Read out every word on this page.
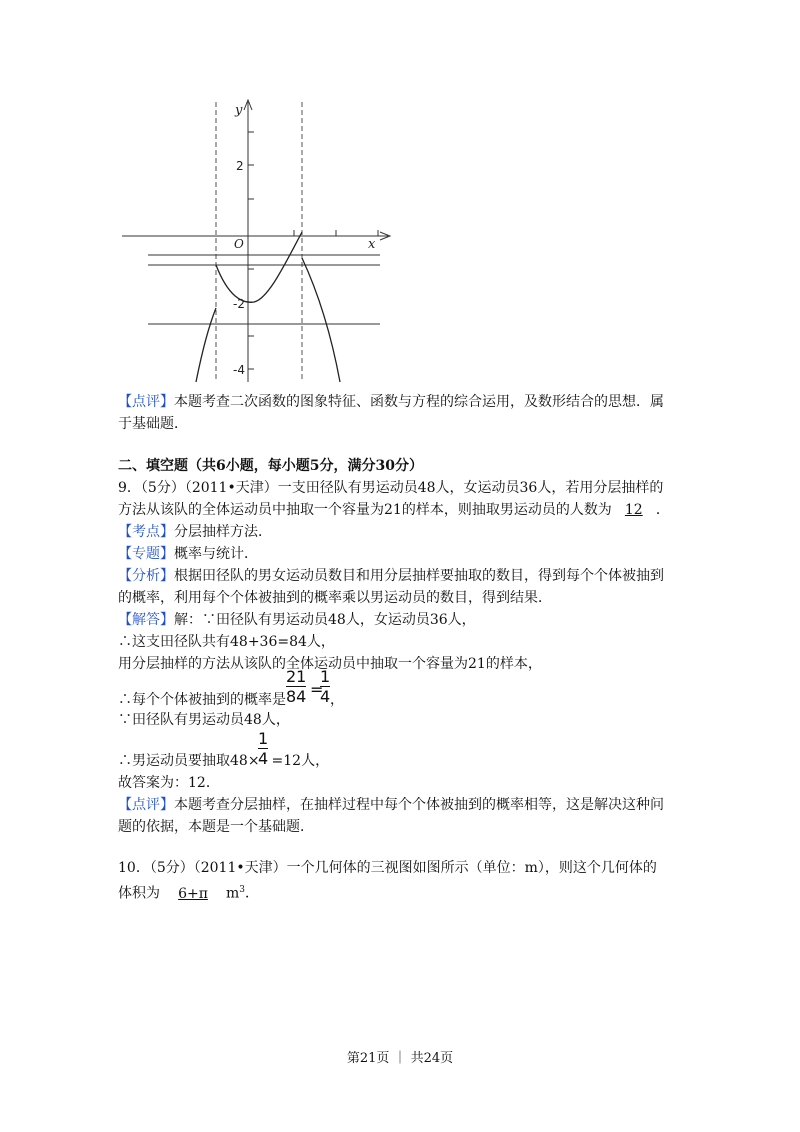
y
x
O
2
-2
-4
【点评】本题考查二次函数的图象特征、函数与方程的综合运用，及数形结合的思想．属
于基础题．
二、填空题（共6小题，每小题5分，满分30分）
9．（5分）（2011•天津）一支田径队有男运动员48人，女运动员36人，若用分层抽样的
方法从该队的全体运动员中抽取一个容量为21的样本，则抽取男运动员的人数为 12 ．
【考点】分层抽样方法．
【专题】概率与统计．
【分析】根据田径队的男女运动员数目和用分层抽样要抽取的数目，得到每个个体被抽到
的概率，利用每个个体被抽到的概率乘以男运动员的数目，得到结果．
【解答】解：∵田径队有男运动员48人，女运动员36人，
∴这支田径队共有48+36=84人，
用分层抽样的方法从该队的全体运动员中抽取一个容量为21的样本，
∴每个个体被抽到的概率是 $\frac{21}{84}$ =
$\frac{1}{4}$ ，
∵田径队有男运动员48人，
$\frac{1}{4}$
∴男运动员要抽取48× =12人，
故答案为：12．
【点评】本题考查分层抽样，在抽样过程中每个个体被抽到的概率相等，这是解决这种问
题的依据，本题是一个基础题．
10．（5分）（2011•天津）一个几何体的三视图如图所示（单位：m），则这个几何体的
体积为 6+π $m^3$．
第21页 ｜ 共24页
